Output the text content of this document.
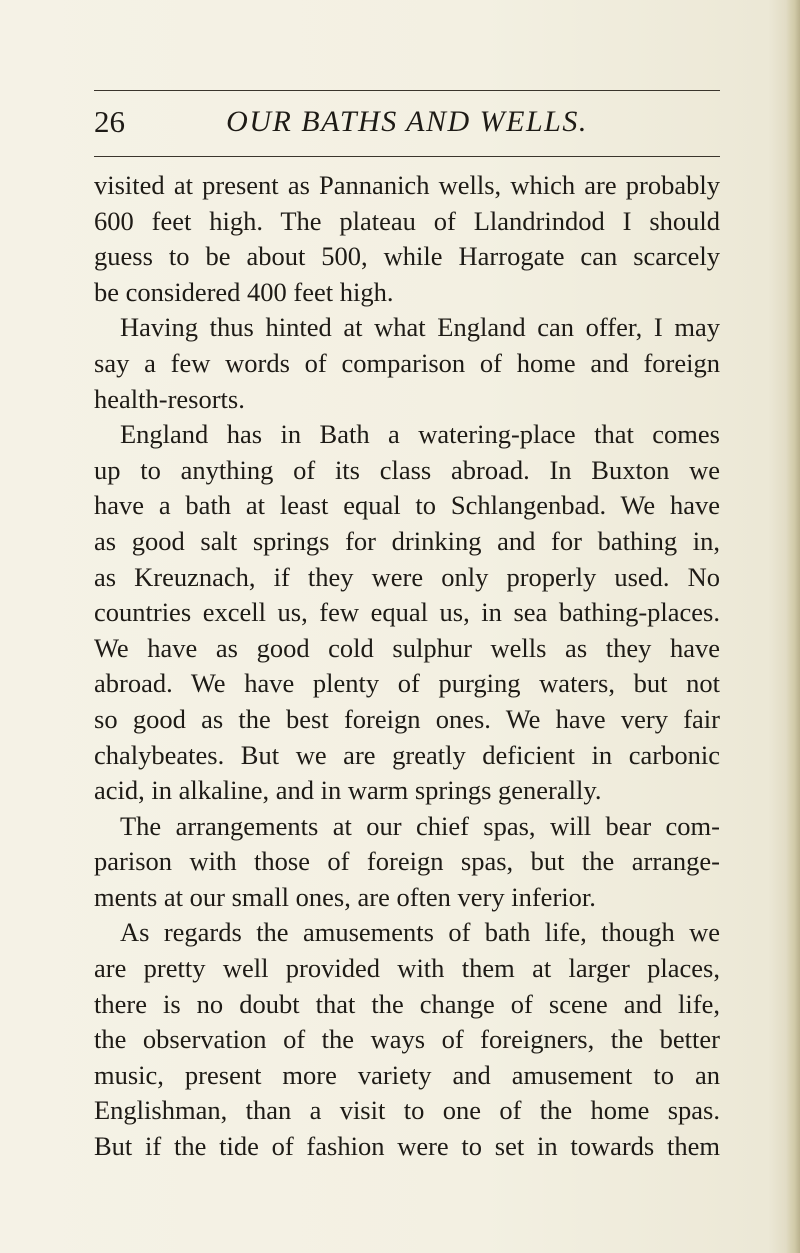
OUR BATHS AND WELLS.
26
visited at present as Pannanich wells, which are probably
600 feet high. The plateau of Llandrindod I should
guess to be about 500, while Harrogate can scarcely
be considered 400 feet high.
Having thus hinted at what England can offer, I may
say a few words of comparison of home and foreign
health-resorts.
England has in Bath a watering-place that comes
up to anything of its class abroad. In Buxton we
have a bath at least equal to Schlangenbad. We have
as good salt springs for drinking and for bathing in,
as Kreuznach, if they were only properly used. No
countries excell us, few equal us, in sea bathing-places.
We have as good cold sulphur wells as they have
abroad. We have plenty of purging waters, but not
so good as the best foreign ones. We have very fair
chalybeates. But we are greatly deficient in carbonic
acid, in alkaline, and in warm springs generally.
The arrangements at our chief spas, will bear com-
parison with those of foreign spas, but the arrange-
ments at our small ones, are often very inferior.
As regards the amusements of bath life, though we
are pretty well provided with them at larger places,
there is no doubt that the change of scene and life,
the observation of the ways of foreigners, the better
music, present more variety and amusement to an
Englishman, than a visit to one of the home spas.
But if the tide of fashion were to set in towards them
